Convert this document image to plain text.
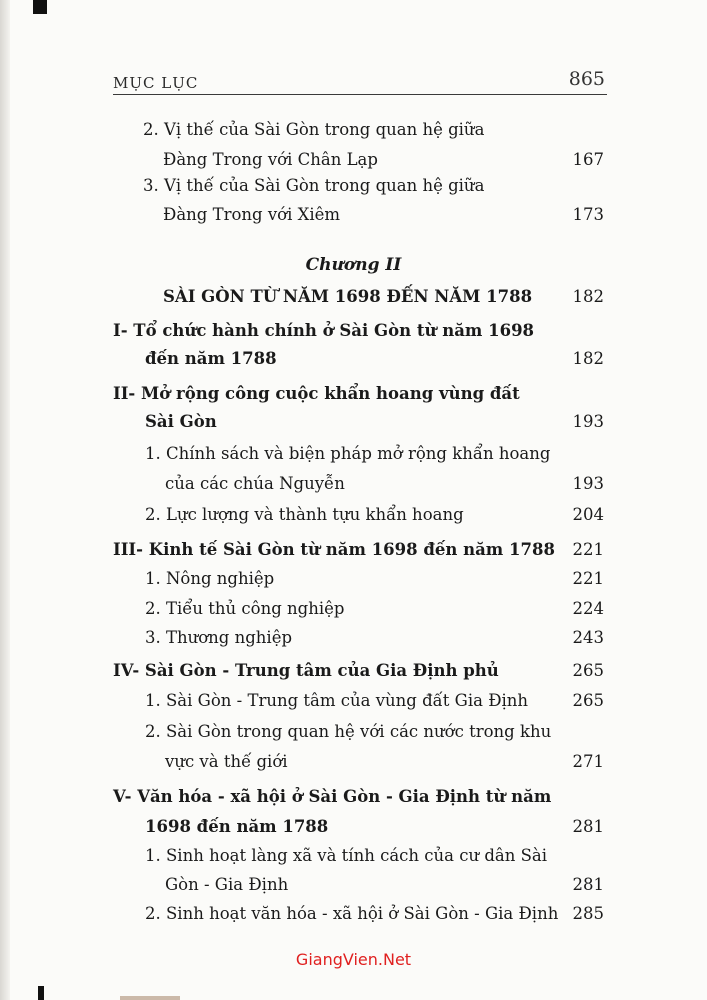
MỤC LỤC	865
2. Vị thế của Sài Gòn trong quan hệ giữa
Đàng Trong với Chân Lạp	167
3. Vị thế của Sài Gòn trong quan hệ giữa
Đàng Trong với Xiêm	173
Chương II
SÀI GÒN TỪ NĂM 1698 ĐẾN NĂM 1788 182
I- Tổ chức hành chính ở Sài Gòn từ năm 1698
đến năm 1788	182
II- Mở rộng công cuộc khẩn hoang vùng đất
Sài Gòn	193
1. Chính sách và biện pháp mở rộng khẩn hoang
của các chúa Nguyễn	193
2. Lực lượng và thành tựu khẩn hoang	204
III- Kinh tế Sài Gòn từ năm 1698 đến năm 1788 221
1. Nông nghiệp	221
2. Tiểu thủ công nghiệp	224
3. Thương nghiệp	243
IV- Sài Gòn - Trung tâm của Gia Định phủ	265
1. Sài Gòn - Trung tâm của vùng đất Gia Định	265
2. Sài Gòn trong quan hệ với các nước trong khu
vực và thế giới	271
V- Văn hóa - xã hội ở Sài Gòn - Gia Định từ năm
1698 đến năm 1788	281
1. Sinh hoạt làng xã và tính cách của cư dân Sài
Gòn - Gia Định	281
2. Sinh hoạt văn hóa - xã hội ở Sài Gòn - Gia Định 285
GiangVien.Net
